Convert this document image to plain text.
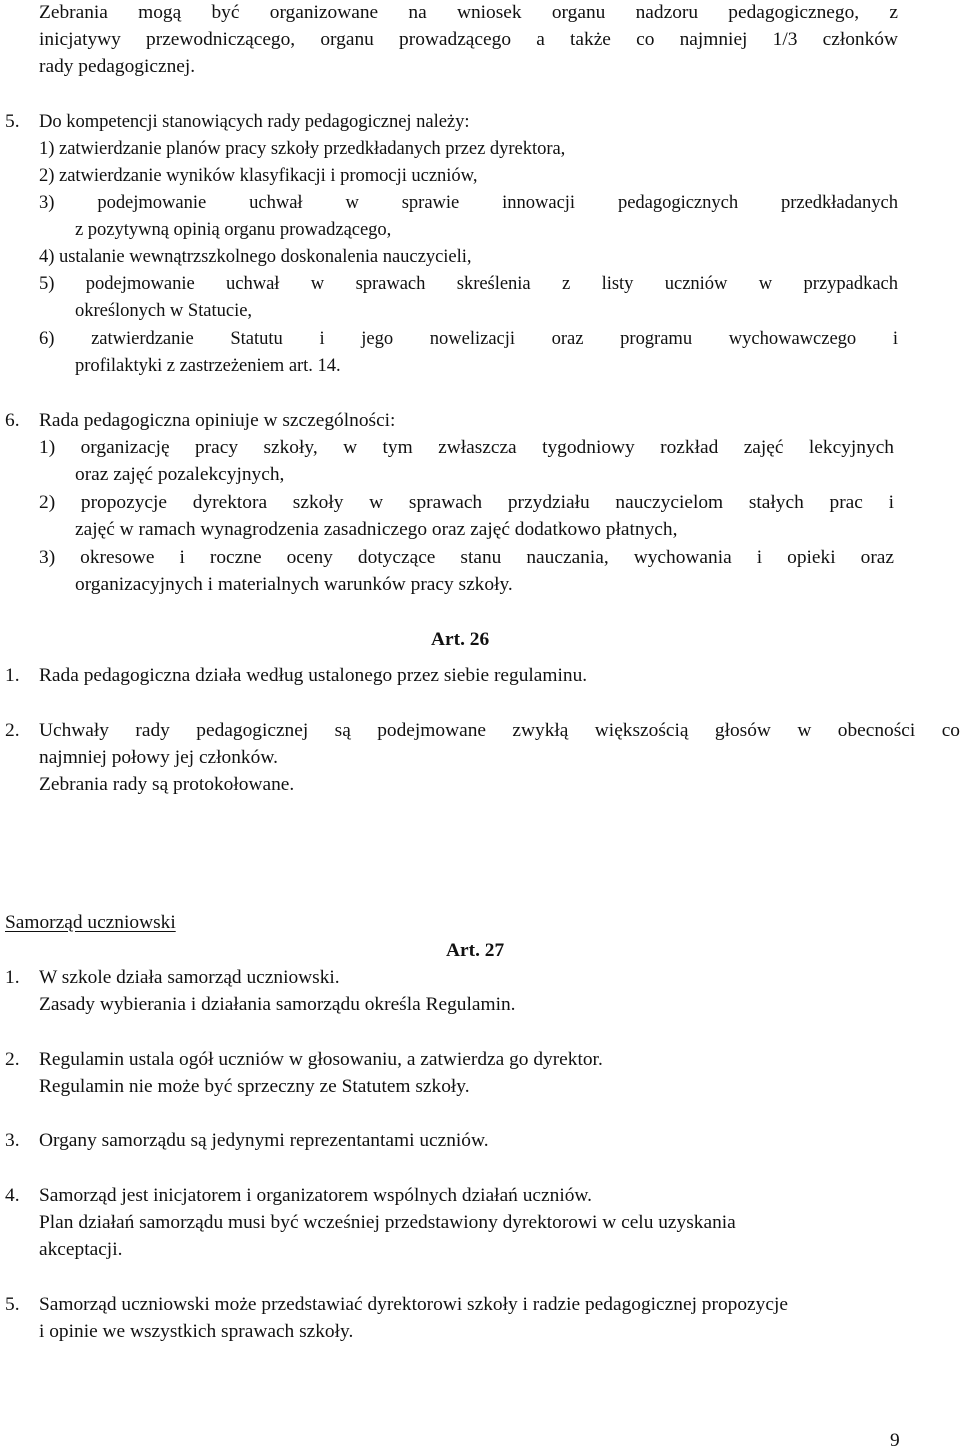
Zebrania mogą być organizowane na wniosek organu nadzoru pedagogicznego, z
inicjatywy przewodniczącego, organu prowadzącego a także co najmniej 1/3 członków
rady pedagogicznej.
5. Do kompetencji stanowiących rady pedagogicznej należy:
1) zatwierdzanie planów pracy szkoły przedkładanych przez dyrektora,
2) zatwierdzanie wyników klasyfikacji i promocji uczniów,
3) podejmowanie uchwał w sprawie innowacji pedagogicznych przedkładanych
z pozytywną opinią organu prowadzącego,
4) ustalanie wewnątrzszkolnego doskonalenia nauczycieli,
5) podejmowanie uchwał w sprawach skreślenia z listy uczniów w przypadkach
określonych w Statucie,
6) zatwierdzanie Statutu i jego nowelizacji oraz programu wychowawczego i
profilaktyki z zastrzeżeniem art. 14.
6. Rada pedagogiczna opiniuje w szczególności:
1) organizację pracy szkoły, w tym zwłaszcza tygodniowy rozkład zajęć lekcyjnych
oraz zajęć pozalekcyjnych,
2) propozycje dyrektora szkoły w sprawach przydziału nauczycielom stałych prac i
zajęć w ramach wynagrodzenia zasadniczego oraz zajęć dodatkowo płatnych,
3) okresowe i roczne oceny dotyczące stanu nauczania, wychowania i opieki oraz
organizacyjnych i materialnych warunków pracy szkoły.
Art. 26
1. Rada pedagogiczna działa według ustalonego przez siebie regulaminu.
2. Uchwały rady pedagogicznej są podejmowane zwykłą większością głosów w obecności co
najmniej połowy jej członków.
Zebrania rady są protokołowane.
Samorząd uczniowski
Art. 27
1. W szkole działa samorząd uczniowski.
Zasady wybierania i działania samorządu określa Regulamin.
2. Regulamin ustala ogół uczniów w głosowaniu, a zatwierdza go dyrektor.
Regulamin nie może być sprzeczny ze Statutem szkoły.
3. Organy samorządu są jedynymi reprezentantami uczniów.
4. Samorząd jest inicjatorem i organizatorem wspólnych działań uczniów.
Plan działań samorządu musi być wcześniej przedstawiony dyrektorowi w celu uzyskania
akceptacji.
5. Samorząd uczniowski może przedstawiać dyrektorowi szkoły i radzie pedagogicznej propozycje
i opinie we wszystkich sprawach szkoły.
9
